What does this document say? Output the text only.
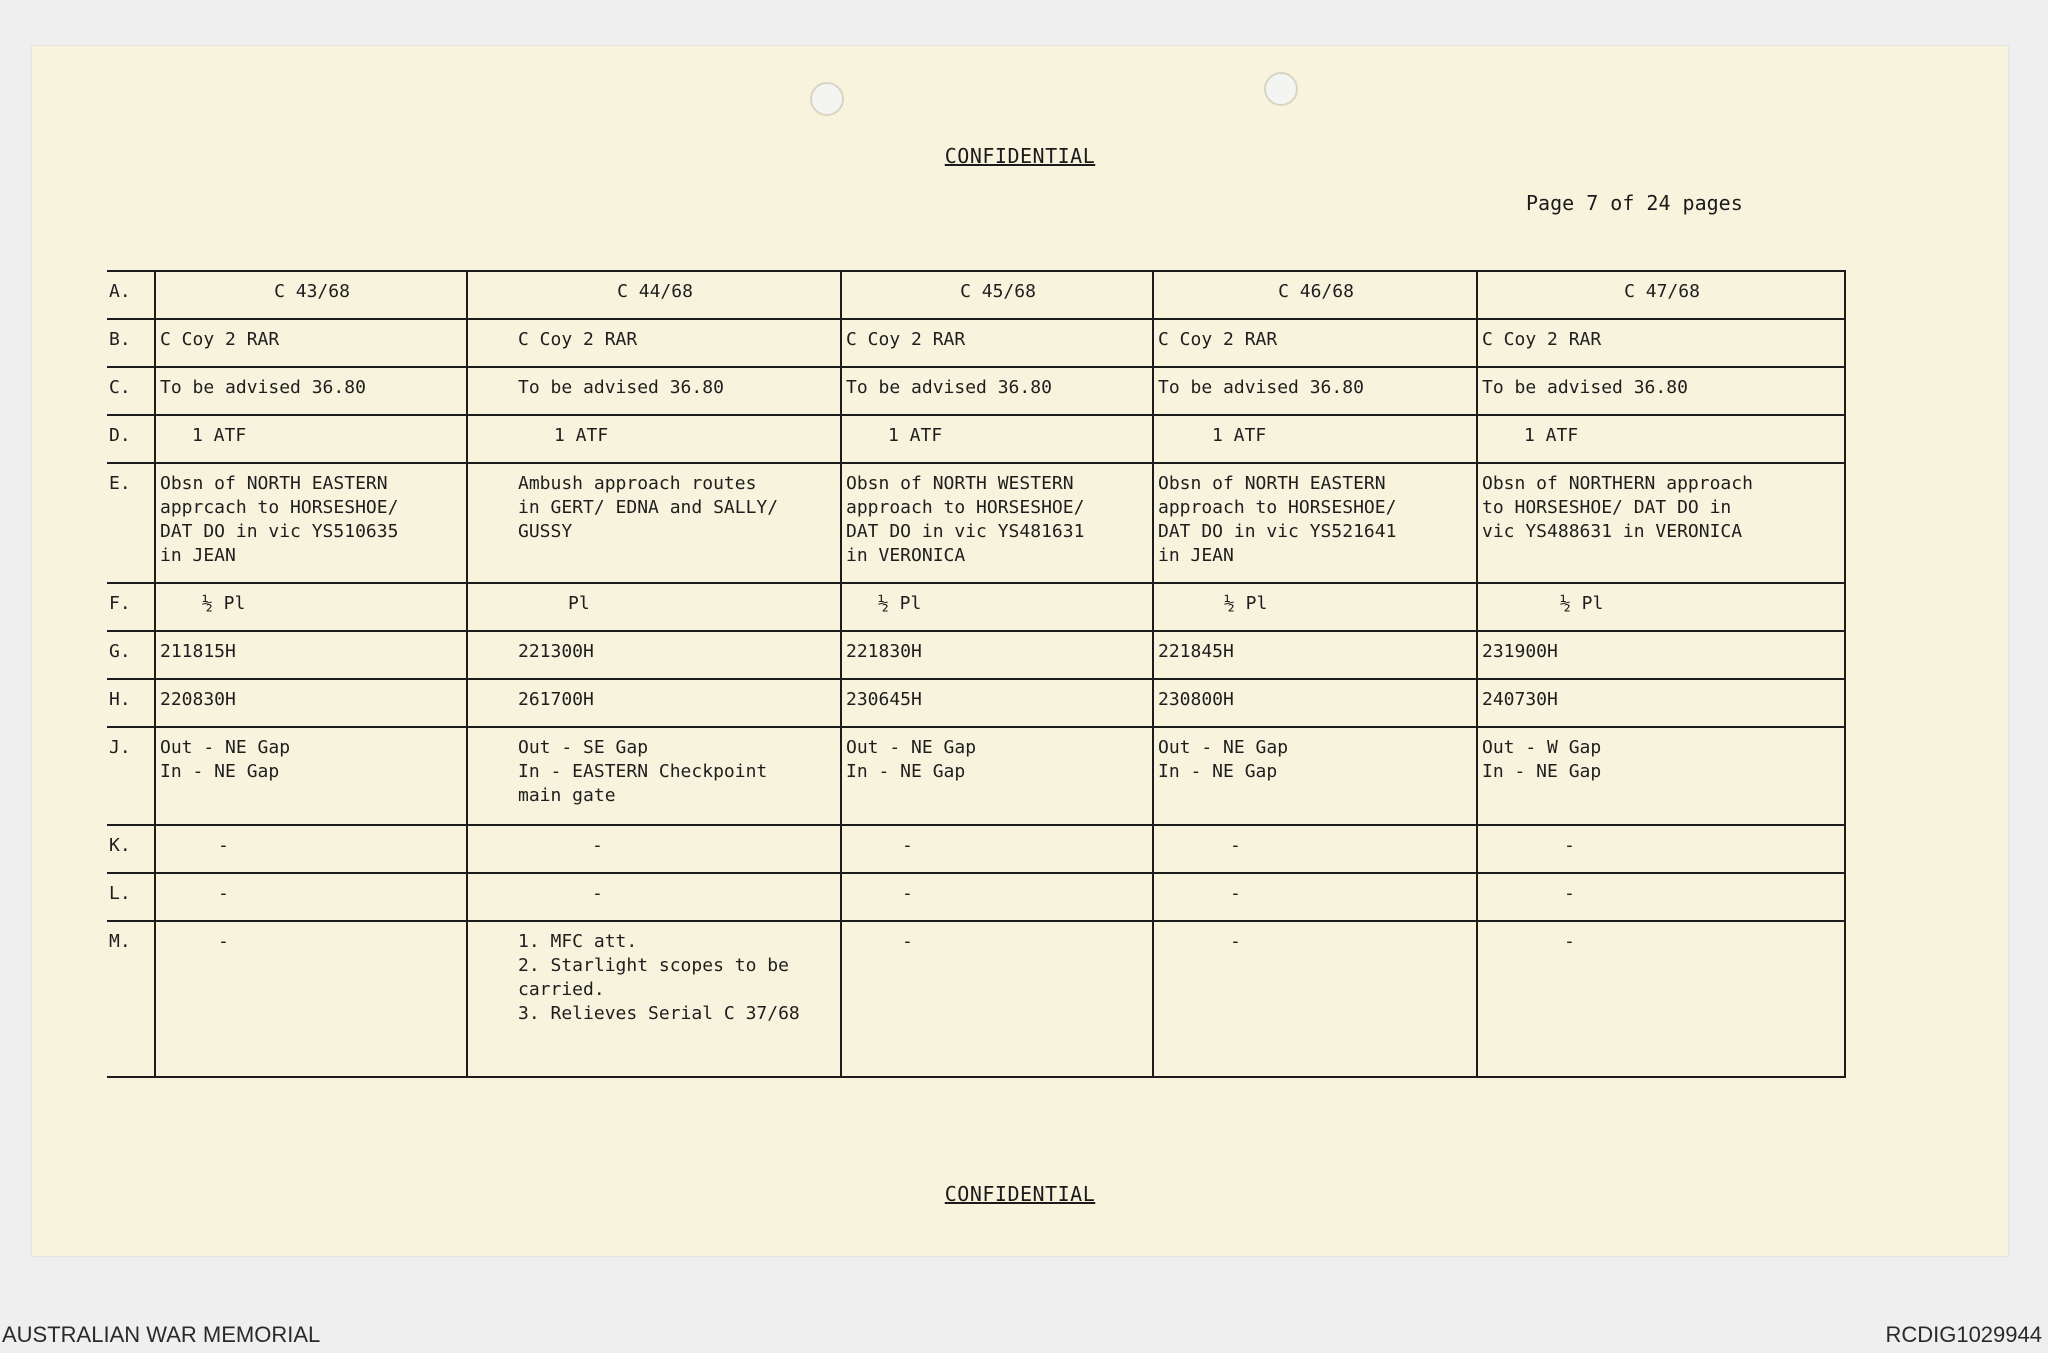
CONFIDENTIAL
Page 7 of 24 pages
A.	C 43/68	C 44/68	C 45/68	C 46/68	C 47/68
B.	C Coy 2 RAR	C Coy 2 RAR	C Coy 2 RAR	C Coy 2 RAR	C Coy 2 RAR
C.	To be advised 36.80	To be advised 36.80	To be advised 36.80	To be advised 36.80	To be advised 36.80
D.	1 ATF	1 ATF	1 ATF	1 ATF	1 ATF
E.	Obsn of NORTH EASTERN
apprcach to HORSESHOE/
DAT DO in vic YS510635
in JEAN	Ambush approach routes
in GERT/ EDNA and SALLY/
GUSSY	Obsn of NORTH WESTERN
approach to HORSESHOE/
DAT DO in vic YS481631
in VERONICA	Obsn of NORTH EASTERN
approach to HORSESHOE/
DAT DO in vic YS521641
in JEAN	Obsn of NORTHERN approach
to HORSESHOE/ DAT DO in
vic YS488631 in VERONICA
F.	½ Pl	Pl	½ Pl	½ Pl	½ Pl
G.	211815H	221300H	221830H	221845H	231900H
H.	220830H	261700H	230645H	230800H	240730H
J.	Out - NE Gap
In - NE Gap	Out - SE Gap
In - EASTERN Checkpoint
main gate	Out - NE Gap
In - NE Gap	Out - NE Gap
In - NE Gap	Out - W Gap
In - NE Gap
K.	-	-	-	-	-
L.	-	-	-	-	-
M.	-	1. MFC att.
2. Starlight scopes to be
carried.
3. Relieves Serial C 37/68	-	-	-
CONFIDENTIAL
AUSTRALIAN WAR MEMORIAL	RCDIG1029944
